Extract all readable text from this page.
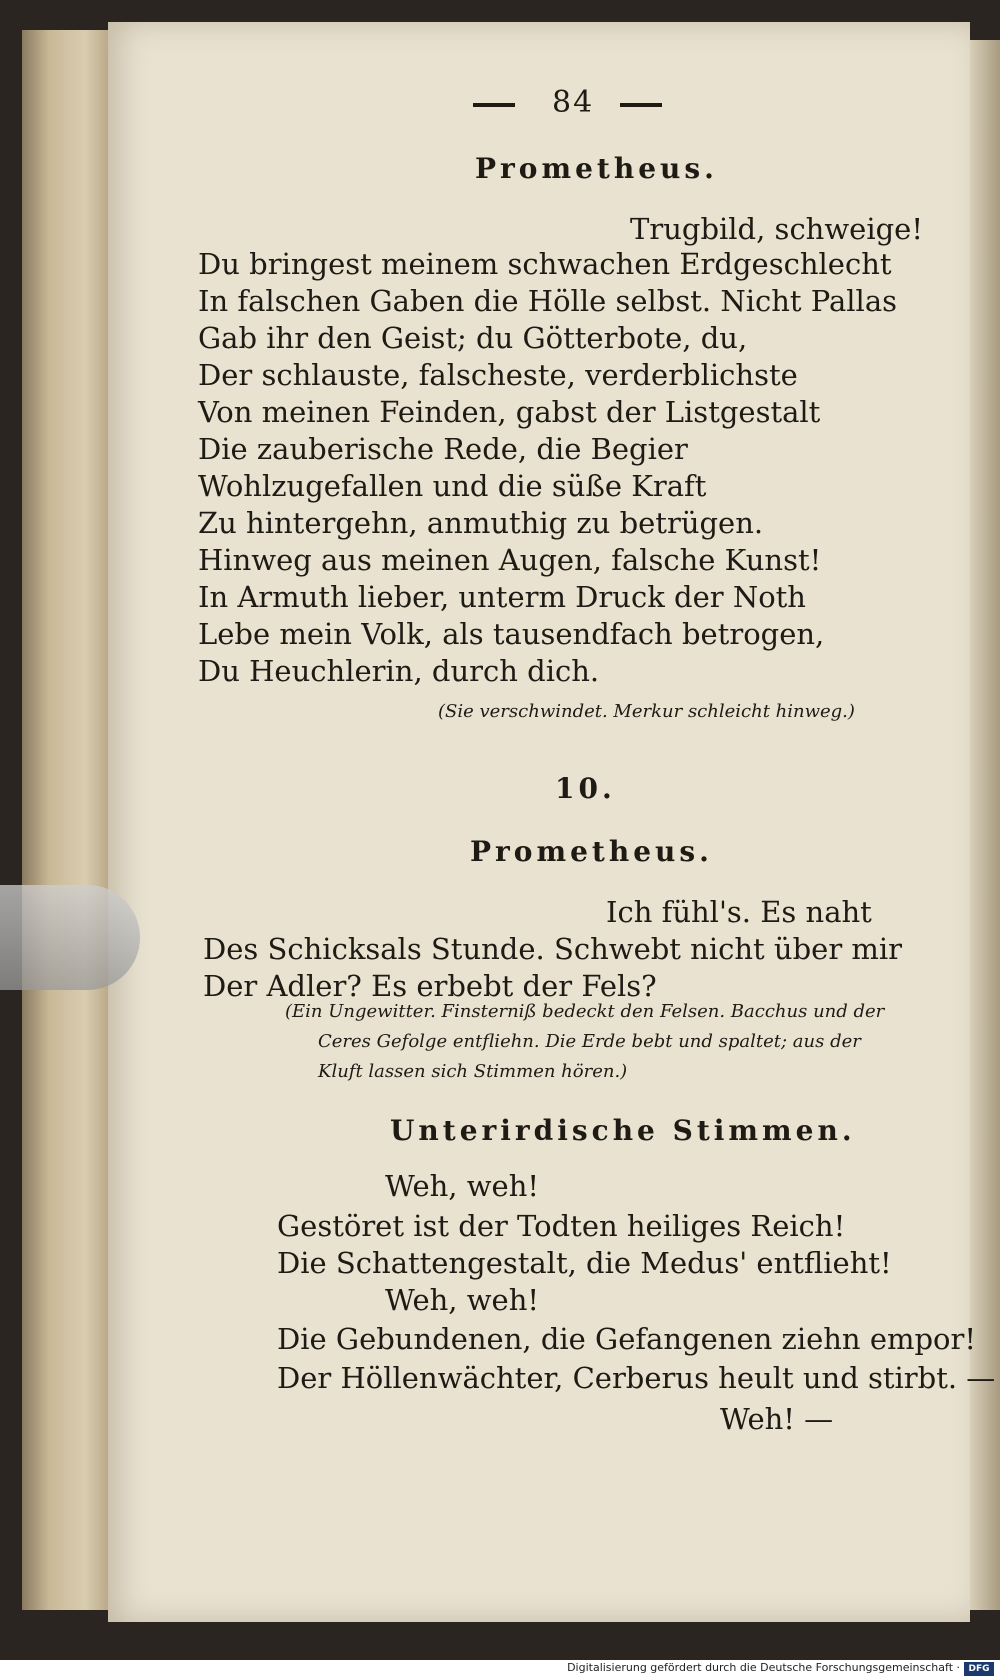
84
Prometheus.
Trugbild, schweige!
Du bringest meinem schwachen Erdgeschlecht
In falschen Gaben die Hölle selbst. Nicht Pallas
Gab ihr den Geist; du Götterbote, du,
Der schlauste, falscheste, verderblichste
Von meinen Feinden, gabst der Listgestalt
Die zauberische Rede, die Begier
Wohlzugefallen und die süße Kraft
Zu hintergehn, anmuthig zu betrügen.
Hinweg aus meinen Augen, falsche Kunst!
In Armuth lieber, unterm Druck der Noth
Lebe mein Volk, als tausendfach betrogen,
Du Heuchlerin, durch dich.
(Sie verschwindet. Merkur schleicht hinweg.)
10.
Prometheus.
Ich fühl's. Es naht
Des Schicksals Stunde. Schwebt nicht über mir
Der Adler? Es erbebt der Fels?
(Ein Ungewitter. Finsterniß bedeckt den Felsen. Bacchus und der
Ceres Gefolge entfliehn. Die Erde bebt und spaltet; aus der
Kluft lassen sich Stimmen hören.)
Unterirdische Stimmen.
Weh, weh!
Gestöret ist der Todten heiliges Reich!
Die Schattengestalt, die Medus' entflieht!
Weh, weh!
Die Gebundenen, die Gefangenen ziehn empor!
Der Höllenwächter, Cerberus heult und stirbt. —
Weh! —
Digitalisierung gefördert durch die Deutsche Forschungsgemeinschaft · DFG
